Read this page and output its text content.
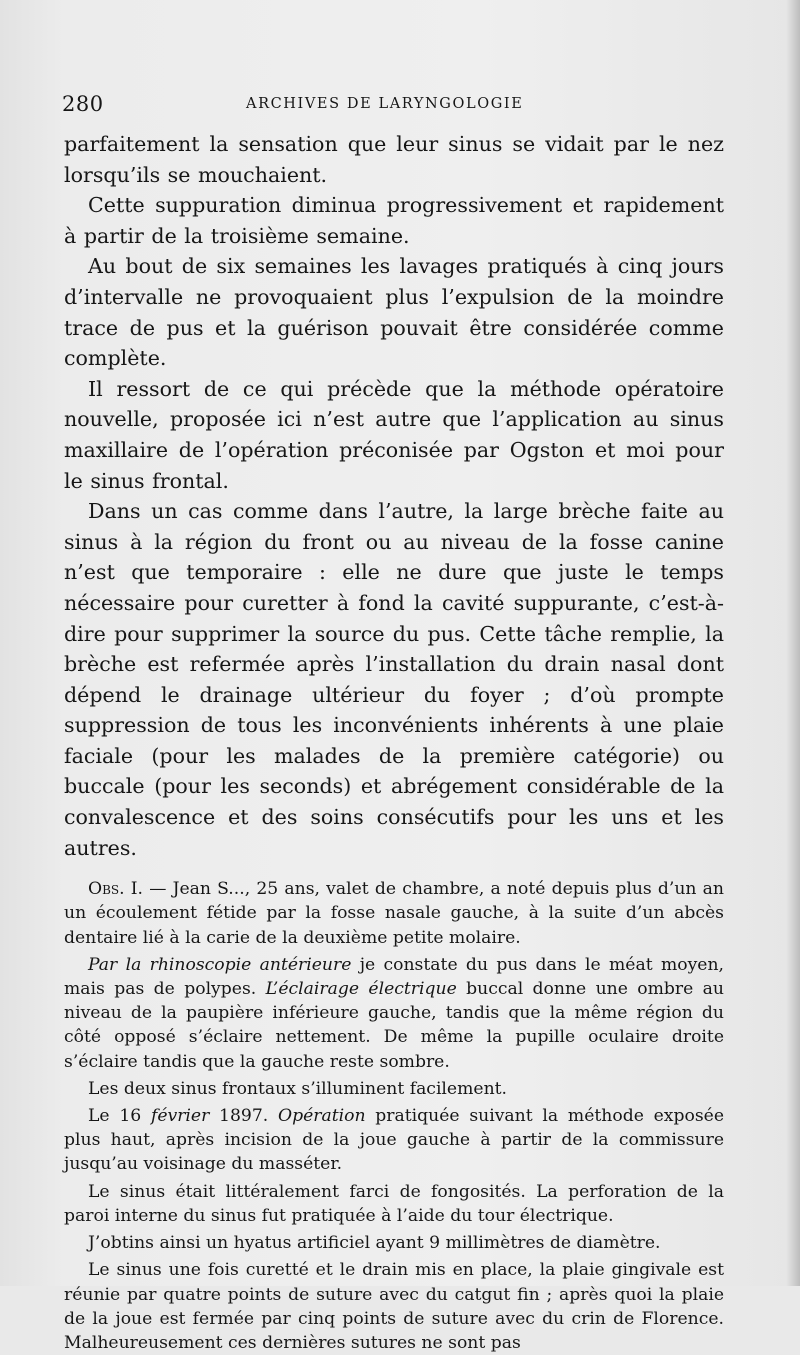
280	ARCHIVES DE LARYNGOLOGIE

parfaitement la sensation que leur sinus se vidait par le nez lorsqu’ils se mouchaient.

Cette suppuration diminua progressivement et rapidement à partir de la troisième semaine.

Au bout de six semaines les lavages pratiqués à cinq jours d’intervalle ne provoquaient plus l’expulsion de la moindre trace de pus et la guérison pouvait être considérée comme complète.

Il ressort de ce qui précède que la méthode opératoire nouvelle, proposée ici n’est autre que l’application au sinus maxillaire de l’opération préconisée par Ogston et moi pour le sinus frontal.

Dans un cas comme dans l’autre, la large brèche faite au sinus à la région du front ou au niveau de la fosse canine n’est que temporaire : elle ne dure que juste le temps nécessaire pour curetter à fond la cavité suppurante, c’est-à-dire pour supprimer la source du pus. Cette tâche remplie, la brèche est refermée après l’installation du drain nasal dont dépend le drainage ultérieur du foyer ; d’où prompte suppression de tous les inconvénients inhérents à une plaie faciale (pour les malades de la première catégorie) ou buccale (pour les seconds) et abrégement considérable de la convalescence et des soins consécutifs pour les uns et les autres.

Obs. I. — Jean S..., 25 ans, valet de chambre, a noté depuis plus d’un an un écoulement fétide par la fosse nasale gauche, à la suite d’un abcès dentaire lié à la carie de la deuxième petite molaire.

Par la rhinoscopie antérieure je constate du pus dans le méat moyen, mais pas de polypes. L’éclairage électrique buccal donne une ombre au niveau de la paupière inférieure gauche, tandis que la même région du côté opposé s’éclaire nettement. De même la pupille oculaire droite s’éclaire tandis que la gauche reste sombre.

Les deux sinus frontaux s’illuminent facilement.

Le 16 février 1897. Opération pratiquée suivant la méthode exposée plus haut, après incision de la joue gauche à partir de la commissure jusqu’au voisinage du masséter.

Le sinus était littéralement farci de fongosités. La perforation de la paroi interne du sinus fut pratiquée à l’aide du tour électrique.

J’obtins ainsi un hyatus artificiel ayant 9 millimètres de diamètre.

Le sinus une fois curetté et le drain mis en place, la plaie gingivale est réunie par quatre points de suture avec du catgut fin ; après quoi la plaie de la joue est fermée par cinq points de suture avec du crin de Florence. Malheureusement ces dernières sutures ne sont pas
